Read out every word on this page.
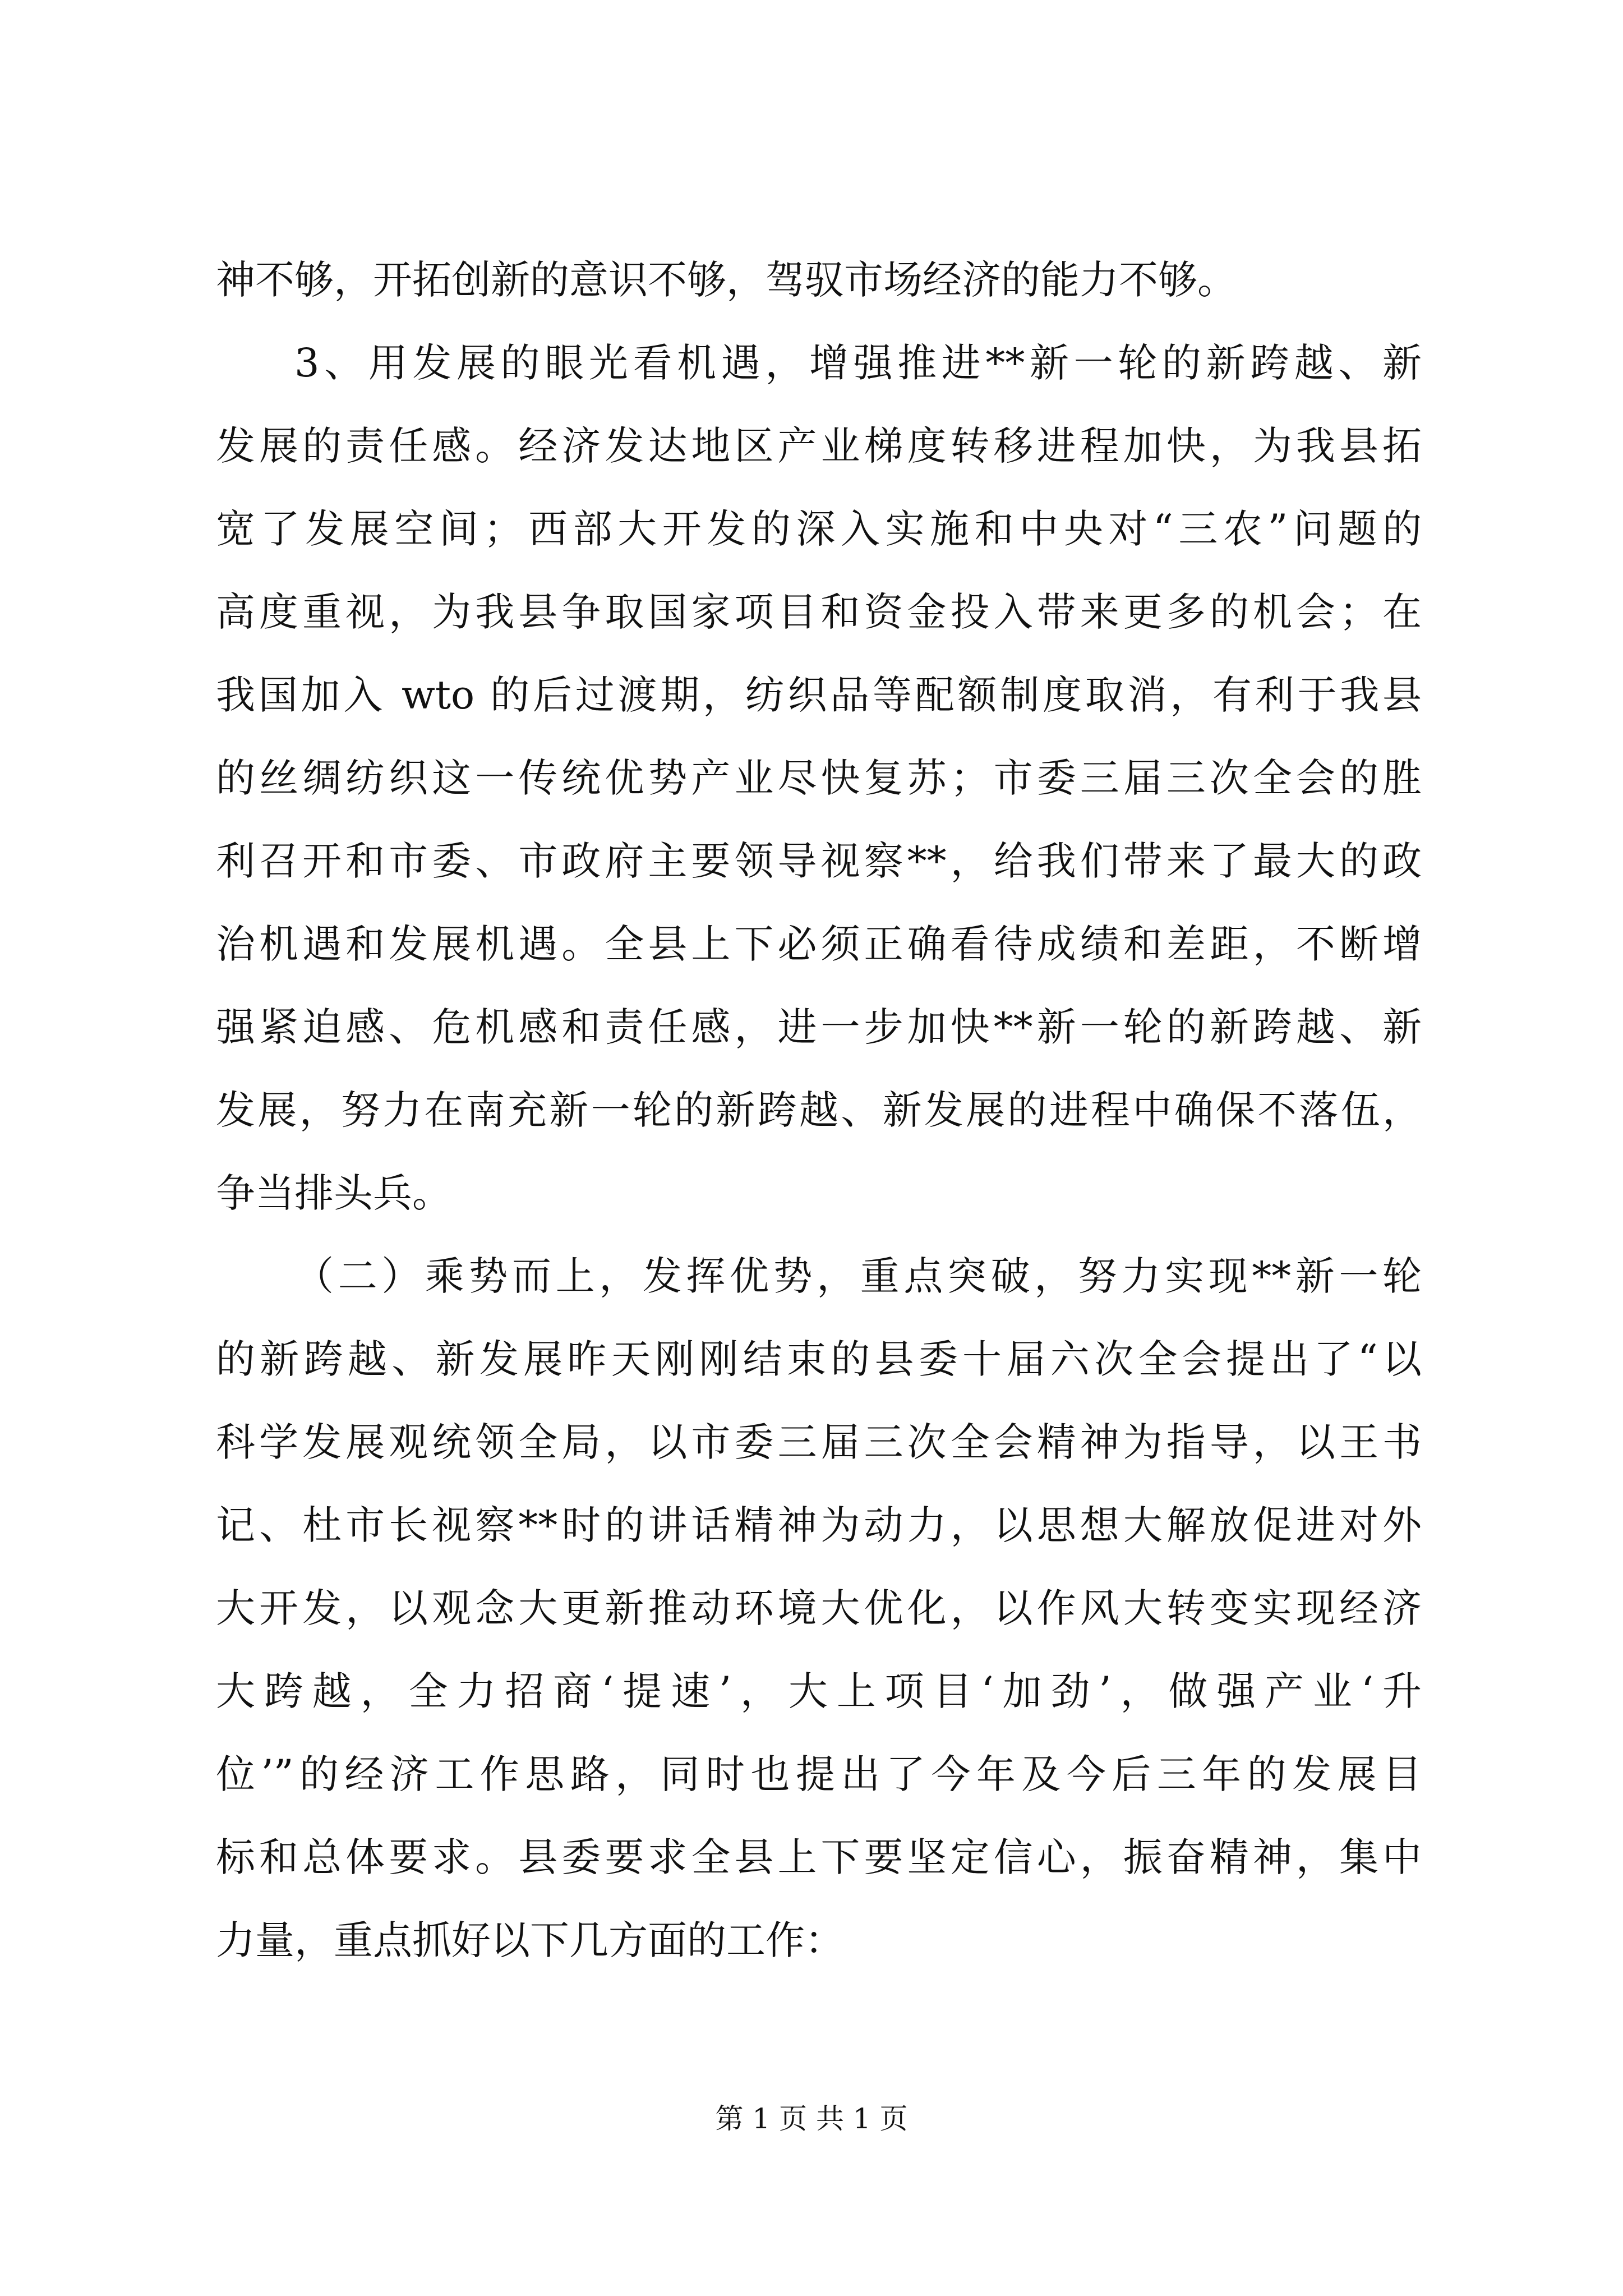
神不够，开拓创新的意识不够，驾驭市场经济的能力不够。
3、用发展的眼光看机遇，增强推进**新一轮的新跨越、新
发展的责任感。经济发达地区产业梯度转移进程加快，为我县拓
宽了发展空间；西部大开发的深入实施和中央对“三农”问题的
高度重视，为我县争取国家项目和资金投入带来更多的机会；在
我国加入 wto 的后过渡期，纺织品等配额制度取消，有利于我县
的丝绸纺织这一传统优势产业尽快复苏；市委三届三次全会的胜
利召开和市委、市政府主要领导视察**，给我们带来了最大的政
治机遇和发展机遇。全县上下必须正确看待成绩和差距，不断增
强紧迫感、危机感和责任感，进一步加快**新一轮的新跨越、新
发展，努力在南充新一轮的新跨越、新发展的进程中确保不落伍，
争当排头兵。
（二）乘势而上，发挥优势，重点突破，努力实现**新一轮
的新跨越、新发展昨天刚刚结束的县委十届六次全会提出了“以
科学发展观统领全局，以市委三届三次全会精神为指导，以王书
记、杜市长视察**时的讲话精神为动力，以思想大解放促进对外
大开发，以观念大更新推动环境大优化，以作风大转变实现经济
大跨越，全力招商‘提速’，大上项目‘加劲’，做强产业‘升
位’”的经济工作思路，同时也提出了今年及今后三年的发展目
标和总体要求。县委要求全县上下要坚定信心，振奋精神，集中
力量，重点抓好以下几方面的工作：
第 1 页 共 1 页
